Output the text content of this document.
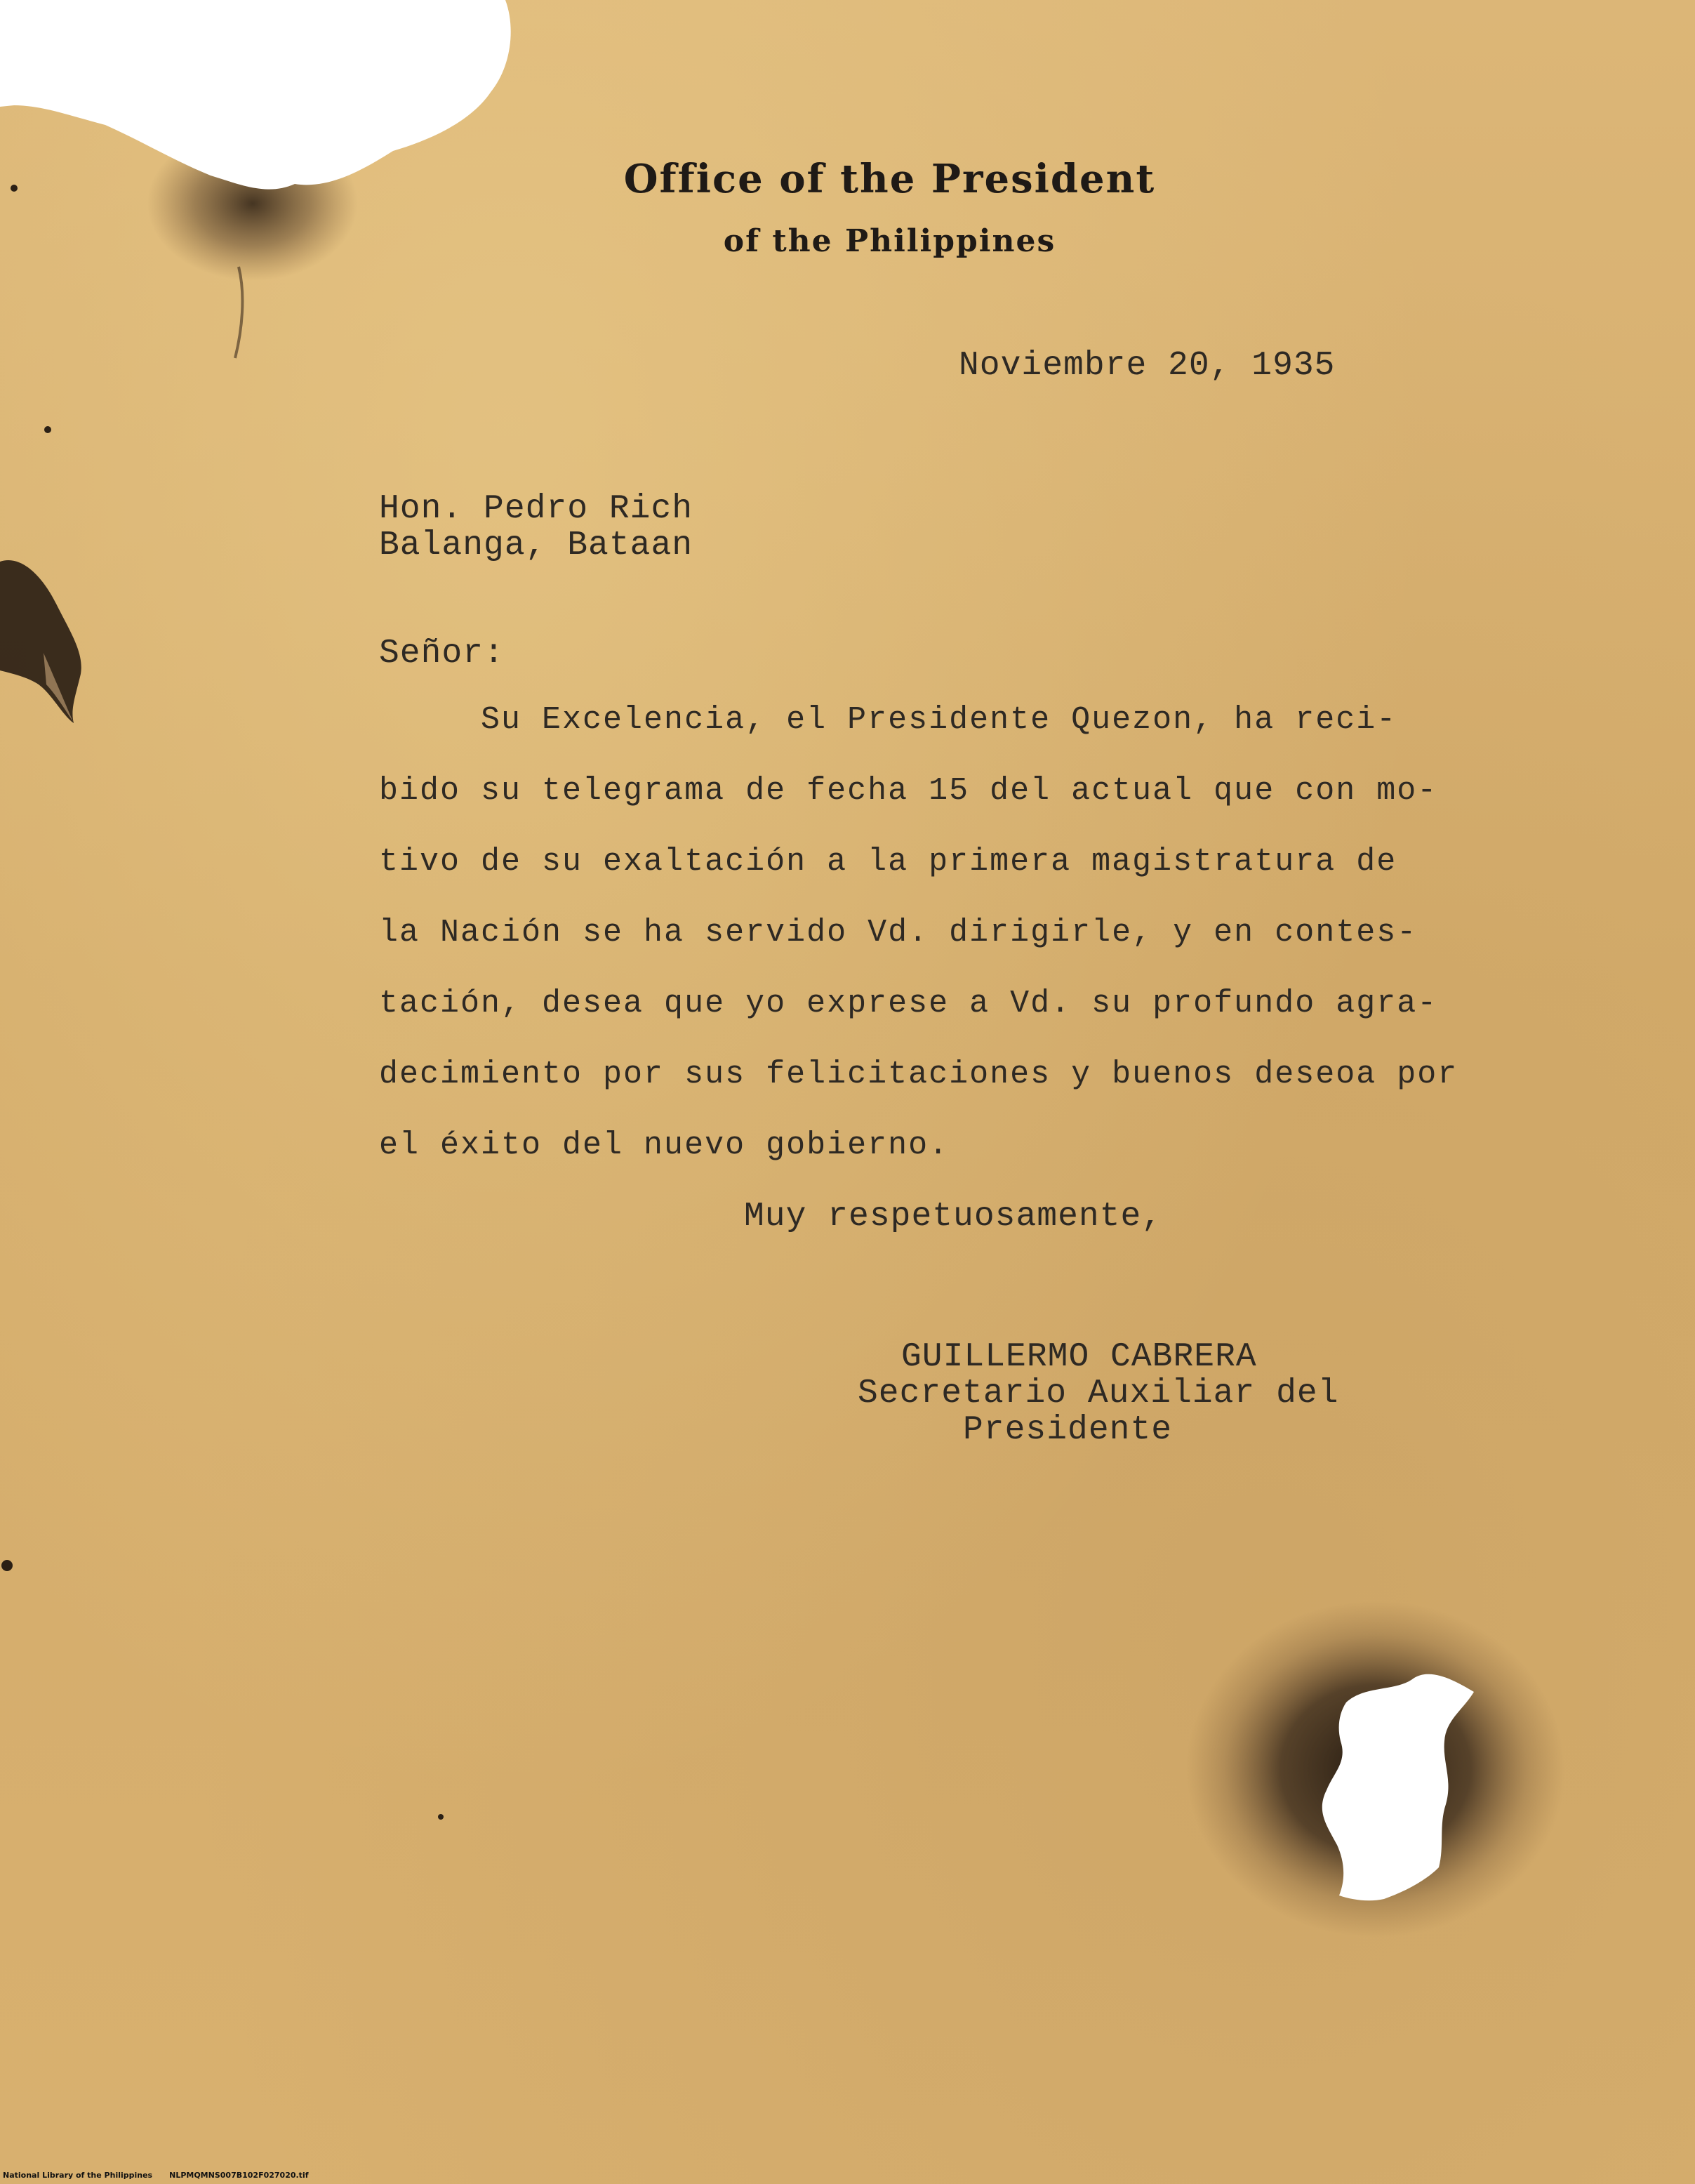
Office of the President
of the Philippines
Noviembre 20, 1935
Hon. Pedro Rich
Balanga, Bataan
Señor:
Su Excelencia, el Presidente Quezon, ha reci-
bido su telegrama de fecha 15 del actual que con mo-
tivo de su exaltación a la primera magistratura de
la Nación se ha servido Vd. dirigirle, y en contes-
tación, desea que yo exprese a Vd. su profundo agra-
decimiento por sus felicitaciones y buenos deseoa por
el éxito del nuevo gobierno.
Muy respetuosamente,
GUILLERMO CABRERA
Secretario Auxiliar del
Presidente
National Library of the Philippines NLPMQMNS007B102F027020.tif
